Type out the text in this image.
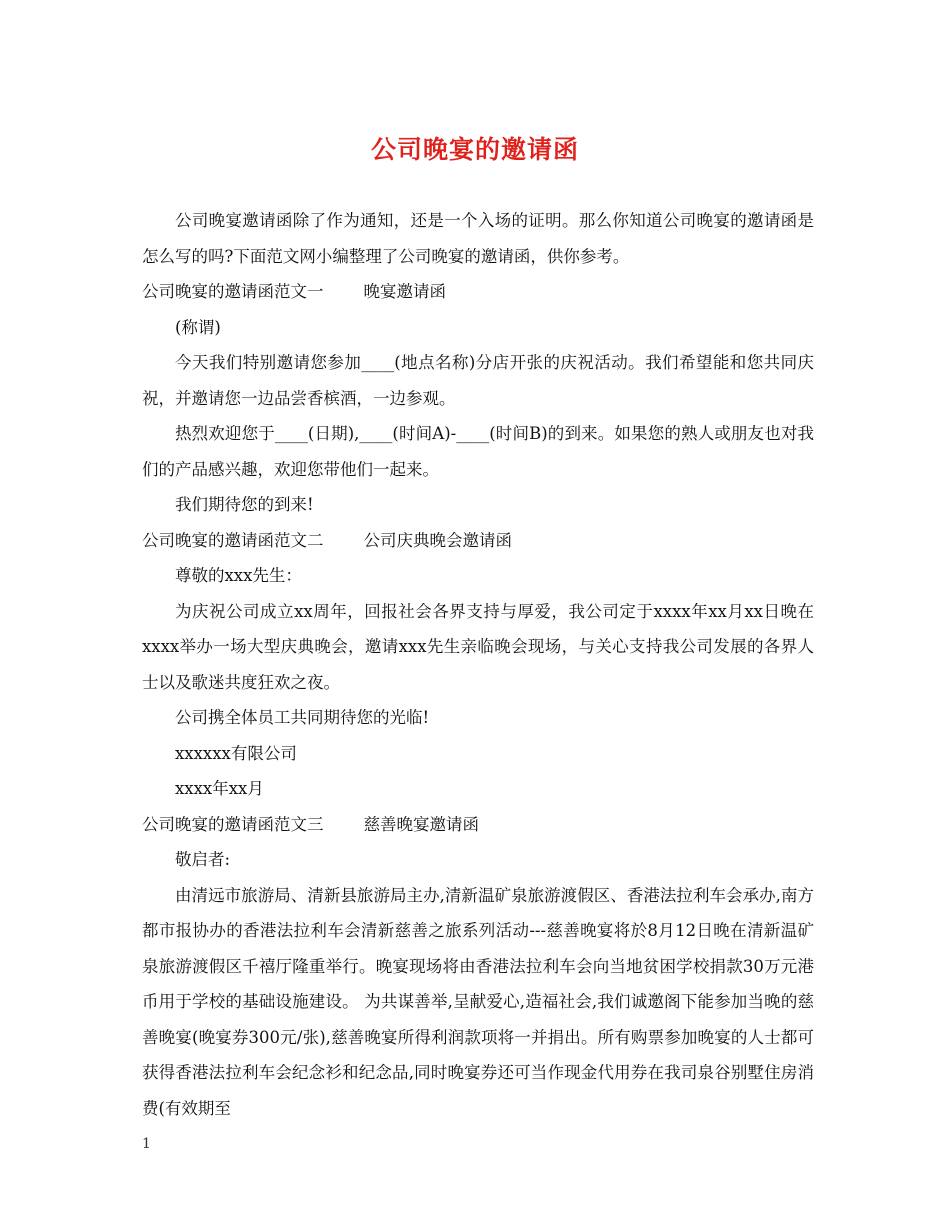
公司晚宴的邀请函

公司晚宴邀请函除了作为通知，还是一个入场的证明。那么你知道公司晚宴的邀请函是怎么写的吗?下面范文网小编整理了公司晚宴的邀请函，供你参考。

公司晚宴的邀请函范文一 晚宴邀请函

(称谓)

今天我们特别邀请您参加____(地点名称)分店开张的庆祝活动。我们希望能和您共同庆祝，并邀请您一边品尝香槟酒，一边参观。

热烈欢迎您于____(日期),____(时间A)-____(时间B)的到来。如果您的熟人或朋友也对我们的产品感兴趣，欢迎您带他们一起来。

我们期待您的到来!

公司晚宴的邀请函范文二 公司庆典晚会邀请函

尊敬的xxx先生：

为庆祝公司成立xx周年，回报社会各界支持与厚爱，我公司定于xxxx年xx月xx日晚在xxxx举办一场大型庆典晚会，邀请xxx先生亲临晚会现场，与关心支持我公司发展的各界人士以及歌迷共度狂欢之夜。

公司携全体员工共同期待您的光临!

xxxxxx有限公司

xxxx年xx月

公司晚宴的邀请函范文三 慈善晚宴邀请函

敬启者:

由清远市旅游局、清新县旅游局主办,清新温矿泉旅游渡假区、香港法拉利车会承办,南方都市报协办的香港法拉利车会清新慈善之旅系列活动---慈善晚宴将於8月12日晚在清新温矿泉旅游渡假区千禧厅隆重举行。晚宴现场将由香港法拉利车会向当地贫困学校捐款30万元港币用于学校的基础设施建设。 为共谋善举,呈献爱心,造福社会,我们诚邀阁下能参加当晚的慈善晚宴(晚宴券300元/张),慈善晚宴所得利润款项将一并捐出。所有购票参加晚宴的人士都可获得香港法拉利车会纪念衫和纪念品,同时晚宴券还可当作现金代用券在我司泉谷别墅住房消费(有效期至

1
